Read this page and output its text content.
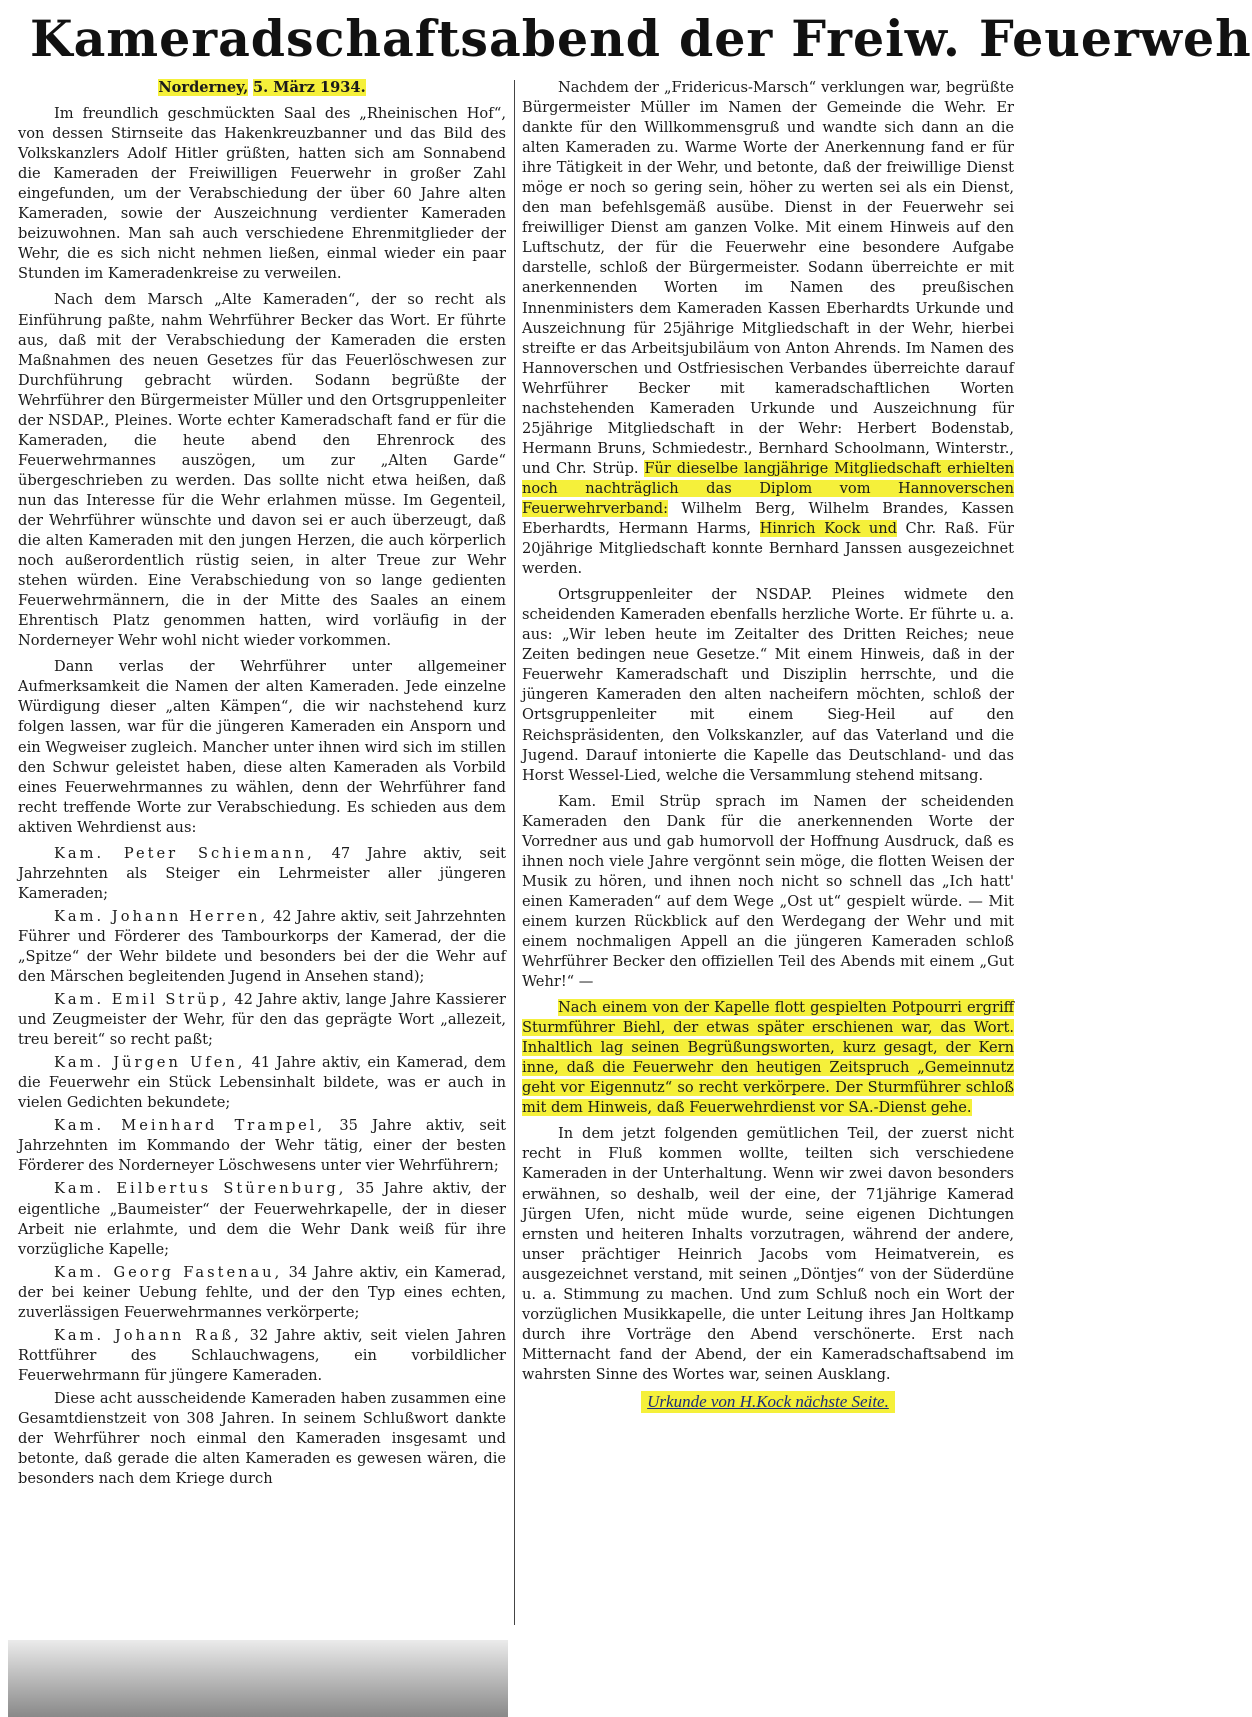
Kameradschaftsabend der Freiw. Feuerweh

Norderney, 5. März 1934.

Im freundlich geschmückten Saal des „Rheinischen Hof“, von dessen Stirnseite das Hakenkreuzbanner und das Bild des Volkskanzlers Adolf Hitler grüßten, hatten sich am Sonnabend die Kameraden der Freiwilligen Feuerwehr in großer Zahl eingefunden, um der Verabschiedung der über 60 Jahre alten Kameraden, sowie der Auszeichnung verdienter Kameraden beizuwohnen. Man sah auch verschiedene Ehrenmitglieder der Wehr, die es sich nicht nehmen ließen, einmal wieder ein paar Stunden im Kameradenkreise zu verweilen.

Nach dem Marsch „Alte Kameraden“, der so recht als Einführung paßte, nahm Wehrführer Becker das Wort. Er führte aus, daß mit der Verabschiedung der Kameraden die ersten Maßnahmen des neuen Gesetzes für das Feuerlöschwesen zur Durchführung gebracht würden. Sodann begrüßte der Wehrführer den Bürgermeister Müller und den Ortsgruppenleiter der NSDAP., Pleines. Worte echter Kameradschaft fand er für die Kameraden, die heute abend den Ehrenrock des Feuerwehrmannes auszögen, um zur „Alten Garde“ übergeschrieben zu werden. Das sollte nicht etwa heißen, daß nun das Interesse für die Wehr erlahmen müsse. Im Gegenteil, der Wehrführer wünschte und davon sei er auch überzeugt, daß die alten Kameraden mit den jungen Herzen, die auch körperlich noch außerordentlich rüstig seien, in alter Treue zur Wehr stehen würden. Eine Verabschiedung von so lange gedienten Feuerwehrmännern, die in der Mitte des Saales an einem Ehrentisch Platz genommen hatten, wird vorläufig in der Norderneyer Wehr wohl nicht wieder vorkommen.

Dann verlas der Wehrführer unter allgemeiner Aufmerksamkeit die Namen der alten Kameraden. Jede einzelne Würdigung dieser „alten Kämpen“, die wir nachstehend kurz folgen lassen, war für die jüngeren Kameraden ein Ansporn und ein Wegweiser zugleich. Mancher unter ihnen wird sich im stillen den Schwur geleistet haben, diese alten Kameraden als Vorbild eines Feuerwehrmannes zu wählen, denn der Wehrführer fand recht treffende Worte zur Verabschiedung. Es schieden aus dem aktiven Wehrdienst aus:

Kam. Peter Schiemann, 47 Jahre aktiv, seit Jahrzehnten als Steiger ein Lehrmeister aller jüngeren Kameraden;

Kam. Johann Herren, 42 Jahre aktiv, seit Jahrzehnten Führer und Förderer des Tambourkorps der Kamerad, der die „Spitze“ der Wehr bildete und besonders bei der die Wehr auf den Märschen begleitenden Jugend in Ansehen stand);

Kam. Emil Strüp, 42 Jahre aktiv, lange Jahre Kassierer und Zeugmeister der Wehr, für den das geprägte Wort „allezeit, treu bereit“ so recht paßt;

Kam. Jürgen Ufen, 41 Jahre aktiv, ein Kamerad, dem die Feuerwehr ein Stück Lebensinhalt bildete, was er auch in vielen Gedichten bekundete;

Kam. Meinhard Trampel, 35 Jahre aktiv, seit Jahrzehnten im Kommando der Wehr tätig, einer der besten Förderer des Norderneyer Löschwesens unter vier Wehrführern;

Kam. Eilbertus Stürenburg, 35 Jahre aktiv, der eigentliche „Baumeister“ der Feuerwehrkapelle, der in dieser Arbeit nie erlahmte, und dem die Wehr Dank weiß für ihre vorzügliche Kapelle;

Kam. Georg Fastenau, 34 Jahre aktiv, ein Kamerad, der bei keiner Uebung fehlte, und der den Typ eines echten, zuverlässigen Feuerwehrmannes verkörperte;

Kam. Johann Raß, 32 Jahre aktiv, seit vielen Jahren Rottführer des Schlauchwagens, ein vorbildlicher Feuerwehrmann für jüngere Kameraden.

Diese acht ausscheidende Kameraden haben zusammen eine Gesamtdienstzeit von 308 Jahren. In seinem Schlußwort dankte der Wehrführer noch einmal den Kameraden insgesamt und betonte, daß gerade die alten Kameraden es gewesen wären, die besonders nach dem Kriege durch

Nachdem der „Fridericus-Marsch“ verklungen war, begrüßte Bürgermeister Müller im Namen der Gemeinde die Wehr. Er dankte für den Willkommensgruß und wandte sich dann an die alten Kameraden zu. Warme Worte der Anerkennung fand er für ihre Tätigkeit in der Wehr, und betonte, daß der freiwillige Dienst möge er noch so gering sein, höher zu werten sei als ein Dienst, den man befehlsgemäß ausübe. Dienst in der Feuerwehr sei freiwilliger Dienst am ganzen Volke. Mit einem Hinweis auf den Luftschutz, der für die Feuerwehr eine besondere Aufgabe darstelle, schloß der Bürgermeister. Sodann überreichte er mit anerkennenden Worten im Namen des preußischen Innenministers dem Kameraden Kassen Eberhardts Urkunde und Auszeichnung für 25jährige Mitgliedschaft in der Wehr, hierbei streifte er das Arbeitsjubiläum von Anton Ahrends. Im Namen des Hannoverschen und Ostfriesischen Verbandes überreichte darauf Wehrführer Becker mit kameradschaftlichen Worten nachstehenden Kameraden Urkunde und Auszeichnung für 25jährige Mitgliedschaft in der Wehr: Herbert Bodenstab, Hermann Bruns, Schmiedestr., Bernhard Schoolmann, Winterstr., und Chr. Strüp. Für dieselbe langjährige Mitgliedschaft erhielten noch nachträglich das Diplom vom Hannoverschen Feuerwehrverband: Wilhelm Berg, Wilhelm Brandes, Kassen Eberhardts, Hermann Harms, Hinrich Kock und Chr. Raß. Für 20jährige Mitgliedschaft konnte Bernhard Janssen ausgezeichnet werden.

Ortsgruppenleiter der NSDAP. Pleines widmete den scheidenden Kameraden ebenfalls herzliche Worte. Er führte u. a. aus: „Wir leben heute im Zeitalter des Dritten Reiches; neue Zeiten bedingen neue Gesetze.“ Mit einem Hinweis, daß in der Feuerwehr Kameradschaft und Disziplin herrschte, und die jüngeren Kameraden den alten nacheifern möchten, schloß der Ortsgruppenleiter mit einem Sieg-Heil auf den Reichspräsidenten, den Volkskanzler, auf das Vaterland und die Jugend. Darauf intonierte die Kapelle das Deutschland- und das Horst Wessel-Lied, welche die Versammlung stehend mitsang.

Kam. Emil Strüp sprach im Namen der scheidenden Kameraden den Dank für die anerkennenden Worte der Vorredner aus und gab humorvoll der Hoffnung Ausdruck, daß es ihnen noch viele Jahre vergönnt sein möge, die flotten Weisen der Musik zu hören, und ihnen noch nicht so schnell das „Ich hatt' einen Kameraden“ auf dem Wege „Ost ut“ gespielt würde. — Mit einem kurzen Rückblick auf den Werdegang der Wehr und mit einem nochmaligen Appell an die jüngeren Kameraden schloß Wehrführer Becker den offiziellen Teil des Abends mit einem „Gut Wehr!“ —

Nach einem von der Kapelle flott gespielten Potpourri ergriff Sturmführer Biehl, der etwas später erschienen war, das Wort. Inhaltlich lag seinen Begrüßungsworten, kurz gesagt, der Kern inne, daß die Feuerwehr den heutigen Zeitspruch „Gemeinnutz geht vor Eigennutz“ so recht verkörpere. Der Sturmführer schloß mit dem Hinweis, daß Feuerwehrdienst vor SA.-Dienst gehe.

In dem jetzt folgenden gemütlichen Teil, der zuerst nicht recht in Fluß kommen wollte, teilten sich verschiedene Kameraden in der Unterhaltung. Wenn wir zwei davon besonders erwähnen, so deshalb, weil der eine, der 71jährige Kamerad Jürgen Ufen, nicht müde wurde, seine eigenen Dichtungen ernsten und heiteren Inhalts vorzutragen, während der andere, unser prächtiger Heinrich Jacobs vom Heimatverein, es ausgezeichnet verstand, mit seinen „Döntjes“ von der Süderdüne u. a. Stimmung zu machen. Und zum Schluß noch ein Wort der vorzüglichen Musikkapelle, die unter Leitung ihres Jan Holtkamp durch ihre Vorträge den Abend verschönerte. Erst nach Mitternacht fand der Abend, der ein Kameradschaftsabend im wahrsten Sinne des Wortes war, seinen Ausklang.

Urkunde von H.Kock nächste Seite.
